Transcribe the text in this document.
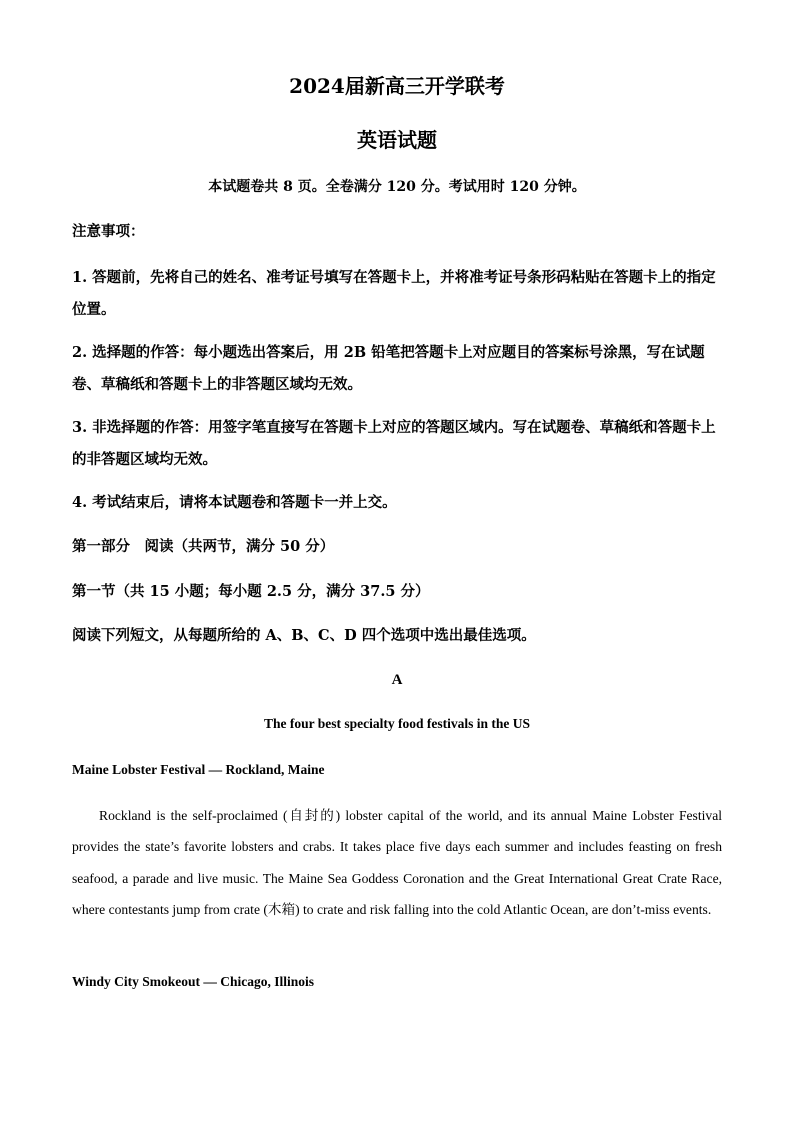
2024届新高三开学联考
英语试题
本试题卷共 8 页。全卷满分 120 分。考试用时 120 分钟。
注意事项：
1. 答题前，先将自己的姓名、准考证号填写在答题卡上，并将准考证号条形码粘贴在答题卡上的指定位置。
2. 选择题的作答：每小题选出答案后，用 2B 铅笔把答题卡上对应题目的答案标号涂黑，写在试题卷、草稿纸和答题卡上的非答题区域均无效。
3. 非选择题的作答：用签字笔直接写在答题卡上对应的答题区域内。写在试题卷、草稿纸和答题卡上的非答题区域均无效。
4. 考试结束后，请将本试题卷和答题卡一并上交。
第一部分　阅读（共两节，满分 50 分）
第一节（共 15 小题；每小题 2.5 分，满分 37.5 分）
阅读下列短文，从每题所给的 A、B、C、D 四个选项中选出最佳选项。
A
The four best specialty food festivals in the US
Maine Lobster Festival — Rockland, Maine
Rockland is the self-proclaimed (自封的) lobster capital of the world, and its annual Maine Lobster Festival provides the state’s favorite lobsters and crabs. It takes place five days each summer and includes feasting on fresh seafood, a parade and live music. The Maine Sea Goddess Coronation and the Great International Great Crate Race, where contestants jump from crate (木箱) to crate and risk falling into the cold Atlantic Ocean, are don’t-miss events.
Windy City Smokeout — Chicago, Illinois
